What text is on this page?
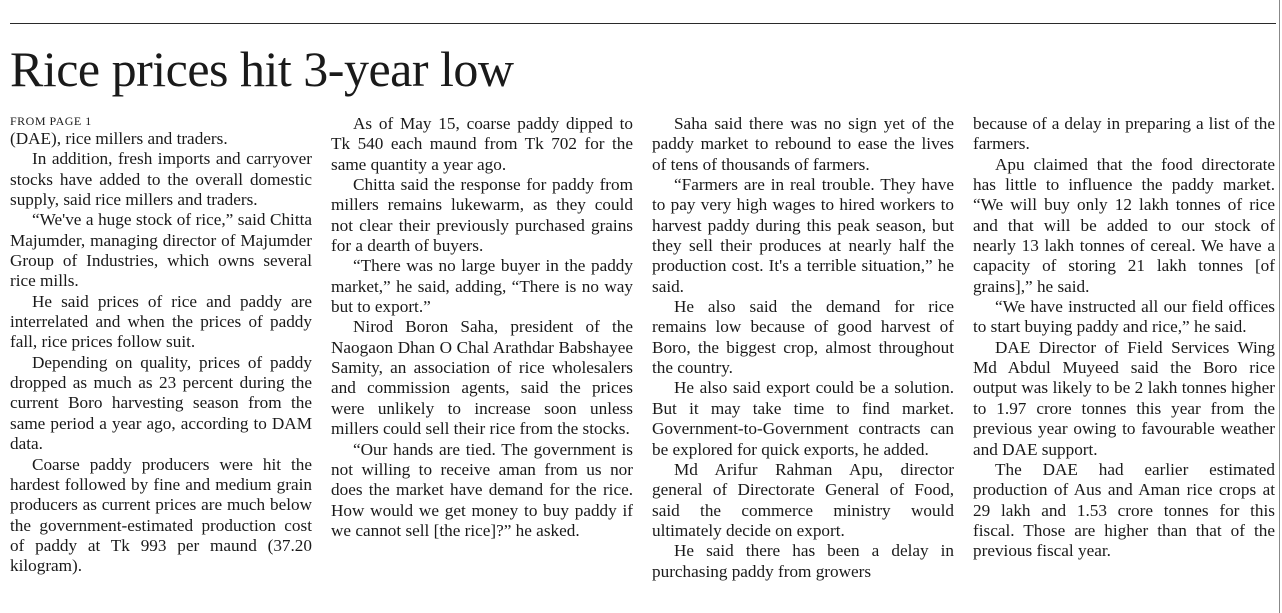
Rice prices hit 3-year low
FROM PAGE 1

(DAE), rice millers and traders.

In addition, fresh imports and carryover stocks have added to the overall domestic supply, said rice millers and traders.

“We've a huge stock of rice,” said Chitta Majumder, managing director of Majumder Group of Industries, which owns several rice mills.

He said prices of rice and paddy are interrelated and when the prices of paddy fall, rice prices follow suit.

Depending on quality, prices of paddy dropped as much as 23 percent during the current Boro harvesting season from the same period a year ago, according to DAM data.

Coarse paddy producers were hit the hardest followed by fine and medium grain producers as current prices are much below the government-estimated production cost of paddy at Tk 993 per maund (37.20 kilogram).

As of May 15, coarse paddy dipped to Tk 540 each maund from Tk 702 for the same quantity a year ago.

Chitta said the response for paddy from millers remains lukewarm, as they could not clear their previously purchased grains for a dearth of buyers.

“There was no large buyer in the paddy market,” he said, adding, “There is no way but to export.”

Nirod Boron Saha, president of the Naogaon Dhan O Chal Arathdar Babshayee Samity, an association of rice wholesalers and commission agents, said the prices were unlikely to increase soon unless millers could sell their rice from the stocks.

“Our hands are tied. The government is not willing to receive aman from us nor does the market have demand for the rice. How would we get money to buy paddy if we cannot sell [the rice]?” he asked.

Saha said there was no sign yet of the paddy market to rebound to ease the lives of tens of thousands of farmers.

“Farmers are in real trouble. They have to pay very high wages to hired workers to harvest paddy during this peak season, but they sell their produces at nearly half the production cost. It's a terrible situation,” he said.

He also said the demand for rice remains low because of good harvest of Boro, the biggest crop, almost throughout the country.

He also said export could be a solution. But it may take time to find market. Government-to-Government contracts can be explored for quick exports, he added.

Md Arifur Rahman Apu, director general of Directorate General of Food, said the commerce ministry would ultimately decide on export.

He said there has been a delay in purchasing paddy from growers

because of a delay in preparing a list of the farmers.

Apu claimed that the food directorate has little to influence the paddy market. “We will buy only 12 lakh tonnes of rice and that will be added to our stock of nearly 13 lakh tonnes of cereal. We have a capacity of storing 21 lakh tonnes [of grains],” he said.

“We have instructed all our field offices to start buying paddy and rice,” he said.

DAE Director of Field Services Wing Md Abdul Muyeed said the Boro rice output was likely to be 2 lakh tonnes higher to 1.97 crore tonnes this year from the previous year owing to favourable weather and DAE support.

The DAE had earlier estimated production of Aus and Aman rice crops at 29 lakh and 1.53 crore tonnes for this fiscal. Those are higher than that of the previous fiscal year.
